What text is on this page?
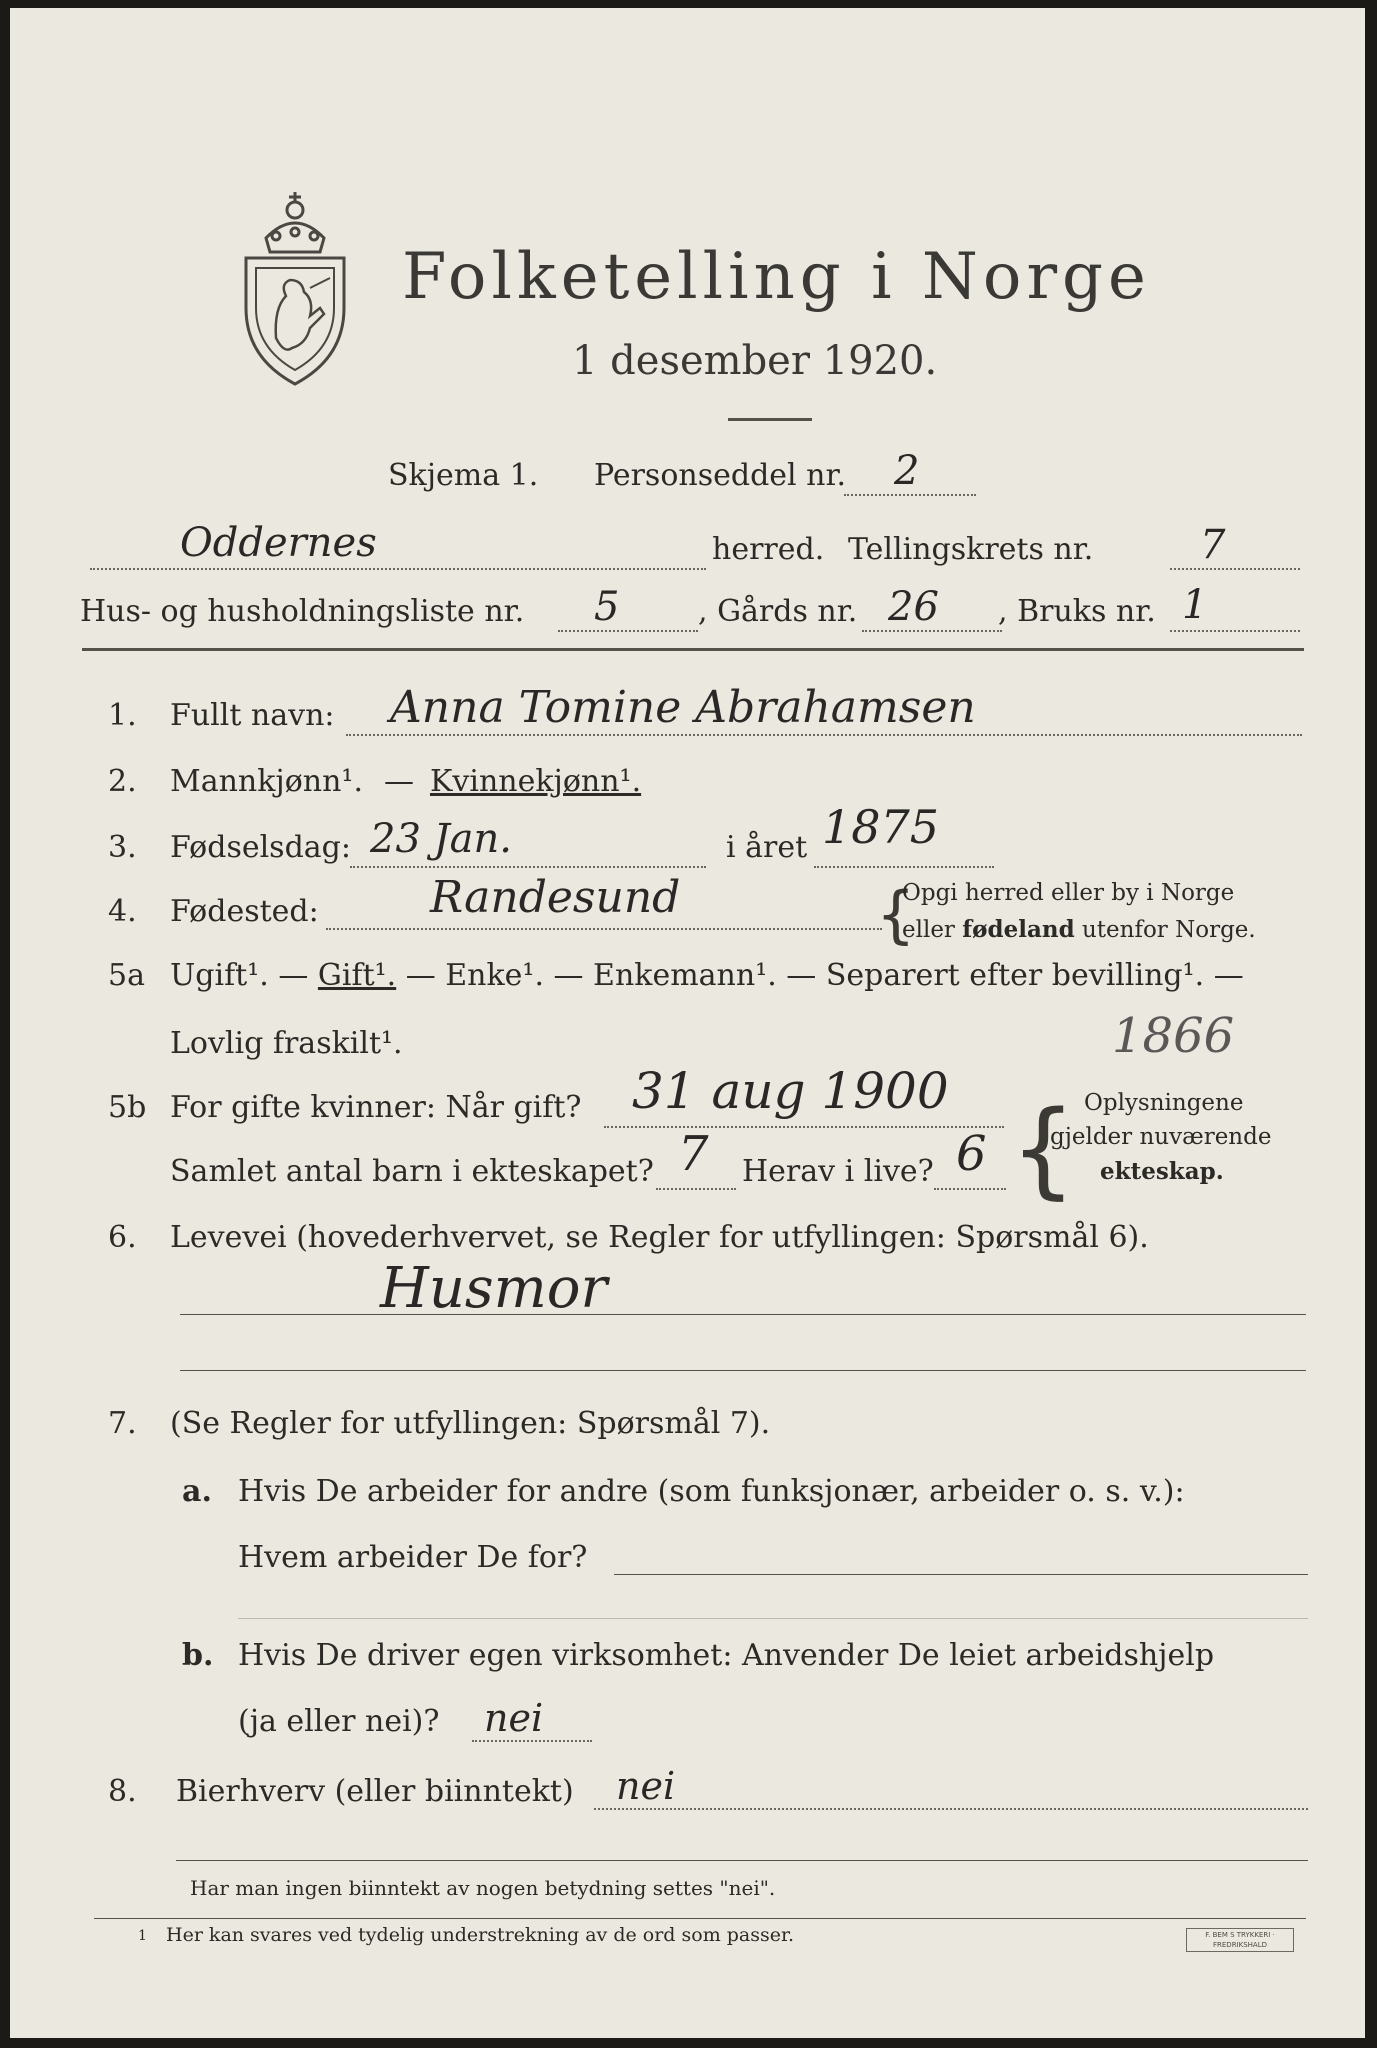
Folketelling i Norge
1 desember 1920.
Skjema 1. Personseddel nr. 2
Oddernes	herred. Tellingskrets nr.	7
Hus- og husholdningsliste nr. 5	, Gårds nr. 26 , Bruks nr. 1
1. Fullt navn: Anna Tomine Abrahamsen
2. Mannkjønn¹. — Kvinnekjønn¹.
3. Fødselsdag: 23 Jan.	i året 1875
4. Fødested:	Randesund	{
Opgi herred eller by i Norge
eller fødeland utenfor Norge.
5a Ugift¹. — Gift¹. — Enke¹. — Enkemann¹. — Separert efter bevilling¹. —
Lovlig fraskilt¹.	1866
5b For gifte kvinner: Når gift? 31 aug 1900
Samlet antal barn i ekteskapet? 7 Herav i live? 6 { Oplysningene
gjelder nuværende
ekteskap.
6. Levevei (hovederhvervet, se Regler for utfyllingen: Spørsmål 6).
Husmor
7. (Se Regler for utfyllingen: Spørsmål 7).
a. Hvis De arbeider for andre (som funksjonær, arbeider o. s. v.):
Hvem arbeider De for?
b. Hvis De driver egen virksomhet: Anvender De leiet arbeidshjelp
(ja eller nei)? nei
8. Bierhverv (eller biinntekt) nei
Har man ingen biinntekt av nogen betydning settes "nei".
1 Her kan svares ved tydelig understrekning av de ord som passer.	F. BEM S TRYKKERI · FREDRIKSHALD
